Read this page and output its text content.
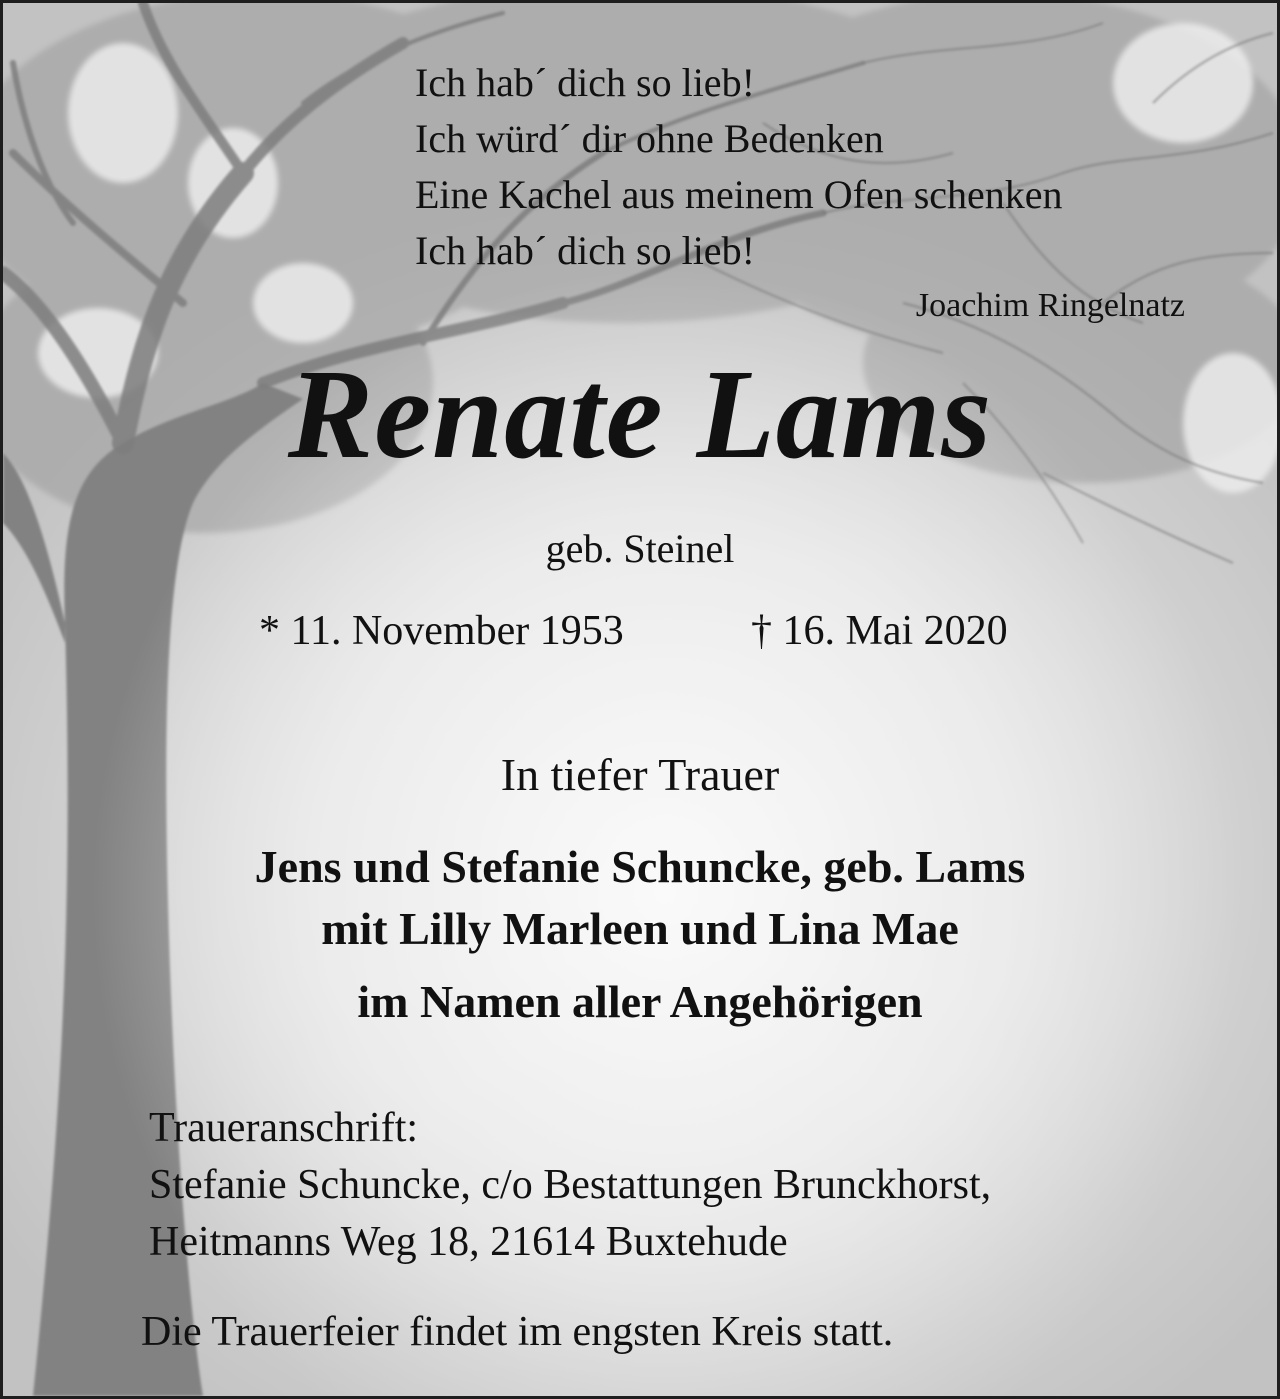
Ich hab´ dich so lieb!
Ich würd´ dir ohne Bedenken
Eine Kachel aus meinem Ofen schenken
Ich hab´ dich so lieb!
Joachim Ringelnatz
Renate Lams
geb. Steinel
* 11. November 1953	† 16. Mai 2020
In tiefer Trauer
Jens und Stefanie Schuncke, geb. Lams
mit Lilly Marleen und Lina Mae
im Namen aller Angehörigen
Traueranschrift:
Stefanie Schuncke, c/o Bestattungen Brunckhorst,
Heitmanns Weg 18, 21614 Buxtehude
Die Trauerfeier findet im engsten Kreis statt.
